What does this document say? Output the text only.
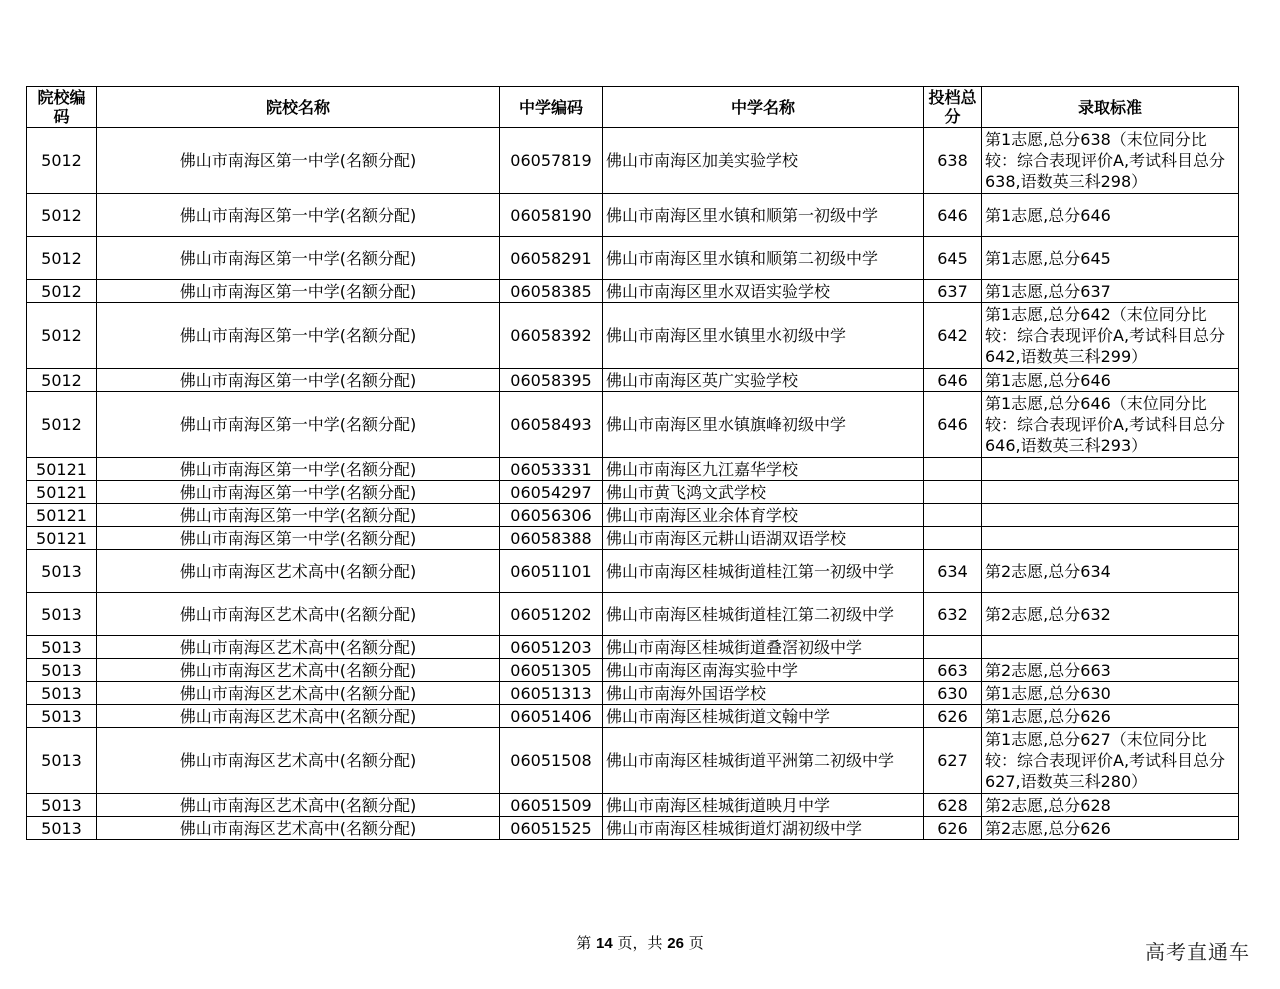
院校编码	院校名称	中学编码	中学名称	投档总分	录取标准
5012	佛山市南海区第一中学(名额分配)	06057819	佛山市南海区加美实验学校	638	第1志愿,总分638（末位同分比较：综合表现评价A,考试科目总分638,语数英三科298）
5012	佛山市南海区第一中学(名额分配)	06058190	佛山市南海区里水镇和顺第一初级中学	646	第1志愿,总分646
5012	佛山市南海区第一中学(名额分配)	06058291	佛山市南海区里水镇和顺第二初级中学	645	第1志愿,总分645
5012	佛山市南海区第一中学(名额分配)	06058385	佛山市南海区里水双语实验学校	637	第1志愿,总分637
5012	佛山市南海区第一中学(名额分配)	06058392	佛山市南海区里水镇里水初级中学	642	第1志愿,总分642（末位同分比较：综合表现评价A,考试科目总分642,语数英三科299）
5012	佛山市南海区第一中学(名额分配)	06058395	佛山市南海区英广实验学校	646	第1志愿,总分646
5012	佛山市南海区第一中学(名额分配)	06058493	佛山市南海区里水镇旗峰初级中学	646	第1志愿,总分646（末位同分比较：综合表现评价A,考试科目总分646,语数英三科293）
50121	佛山市南海区第一中学(名额分配)	06053331	佛山市南海区九江嘉华学校		
50121	佛山市南海区第一中学(名额分配)	06054297	佛山市黄飞鸿文武学校		
50121	佛山市南海区第一中学(名额分配)	06056306	佛山市南海区业余体育学校		
50121	佛山市南海区第一中学(名额分配)	06058388	佛山市南海区元耕山语湖双语学校		
5013	佛山市南海区艺术高中(名额分配)	06051101	佛山市南海区桂城街道桂江第一初级中学	634	第2志愿,总分634
5013	佛山市南海区艺术高中(名额分配)	06051202	佛山市南海区桂城街道桂江第二初级中学	632	第2志愿,总分632
5013	佛山市南海区艺术高中(名额分配)	06051203	佛山市南海区桂城街道叠滘初级中学		
5013	佛山市南海区艺术高中(名额分配)	06051305	佛山市南海区南海实验中学	663	第2志愿,总分663
5013	佛山市南海区艺术高中(名额分配)	06051313	佛山市南海外国语学校	630	第1志愿,总分630
5013	佛山市南海区艺术高中(名额分配)	06051406	佛山市南海区桂城街道文翰中学	626	第1志愿,总分626
5013	佛山市南海区艺术高中(名额分配)	06051508	佛山市南海区桂城街道平洲第二初级中学	627	第1志愿,总分627（末位同分比较：综合表现评价A,考试科目总分627,语数英三科280）
5013	佛山市南海区艺术高中(名额分配)	06051509	佛山市南海区桂城街道映月中学	628	第2志愿,总分628
5013	佛山市南海区艺术高中(名额分配)	06051525	佛山市南海区桂城街道灯湖初级中学	626	第2志愿,总分626
第 14 页，共 26 页	高考直通车
